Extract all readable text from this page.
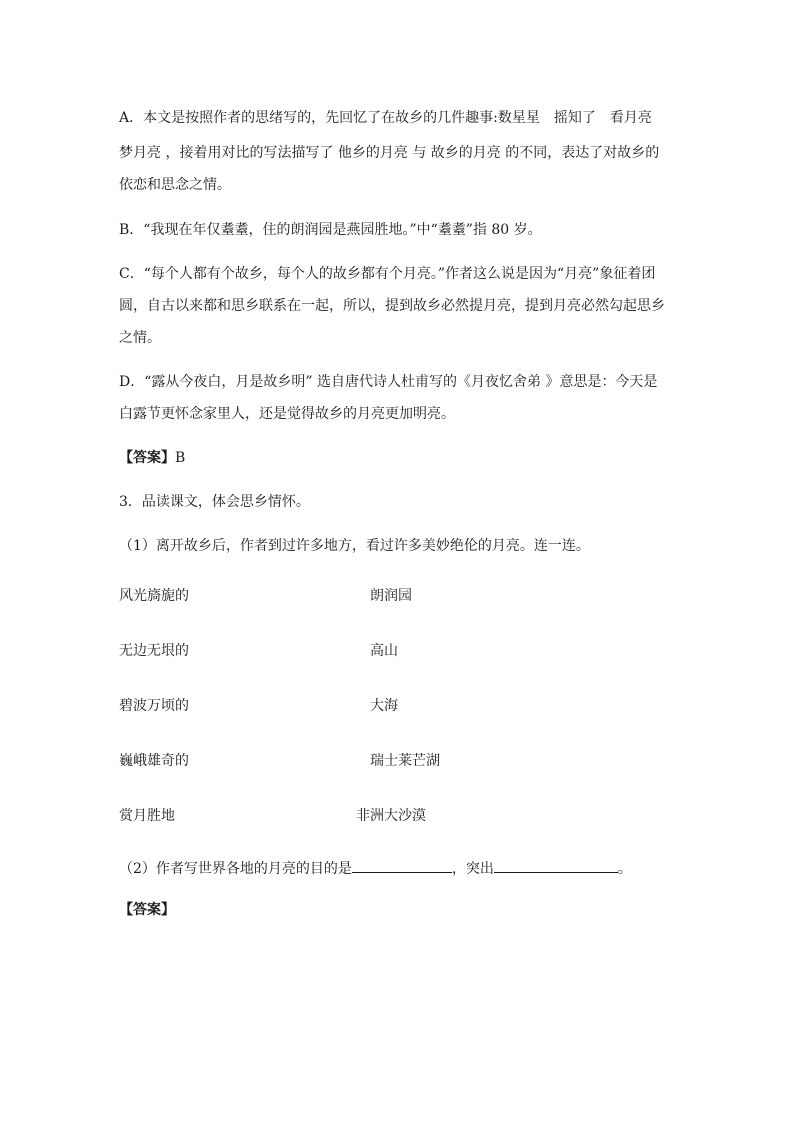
A．本文是按照作者的思绪写的，先回忆了在故乡的几件趣事:数星星　摇知了　看月亮
梦月亮 ，接着用对比的写法描写了 他乡的月亮 与 故乡的月亮 的不同，表达了对故乡的
依恋和思念之情。
B．“我现在年仅耋耋，住的朗润园是燕园胜地。”中“耋耋”指 80 岁。
C．“每个人都有个故乡，每个人的故乡都有个月亮。”作者这么说是因为“月亮”象征着团
圆，自古以来都和思乡联系在一起，所以，提到故乡必然提月亮，提到月亮必然勾起思乡
之情。
D．“露从今夜白，月是故乡明” 选自唐代诗人杜甫写的《月夜忆舍弟 》意思是：今天是
白露节更怀念家里人，还是觉得故乡的月亮更加明亮。
【答案】B
3．品读课文，体会思乡情怀。
（1）离开故乡后，作者到过许多地方，看过许多美妙绝伦的月亮。连一连。
风光旖旎的	朗润园
无边无垠的	高山
碧波万顷的	大海
巍峨雄奇的	瑞士莱芒湖
赏月胜地	非洲大沙漠
（2）作者写世界各地的月亮的目的是	，突出	。
【答案】
